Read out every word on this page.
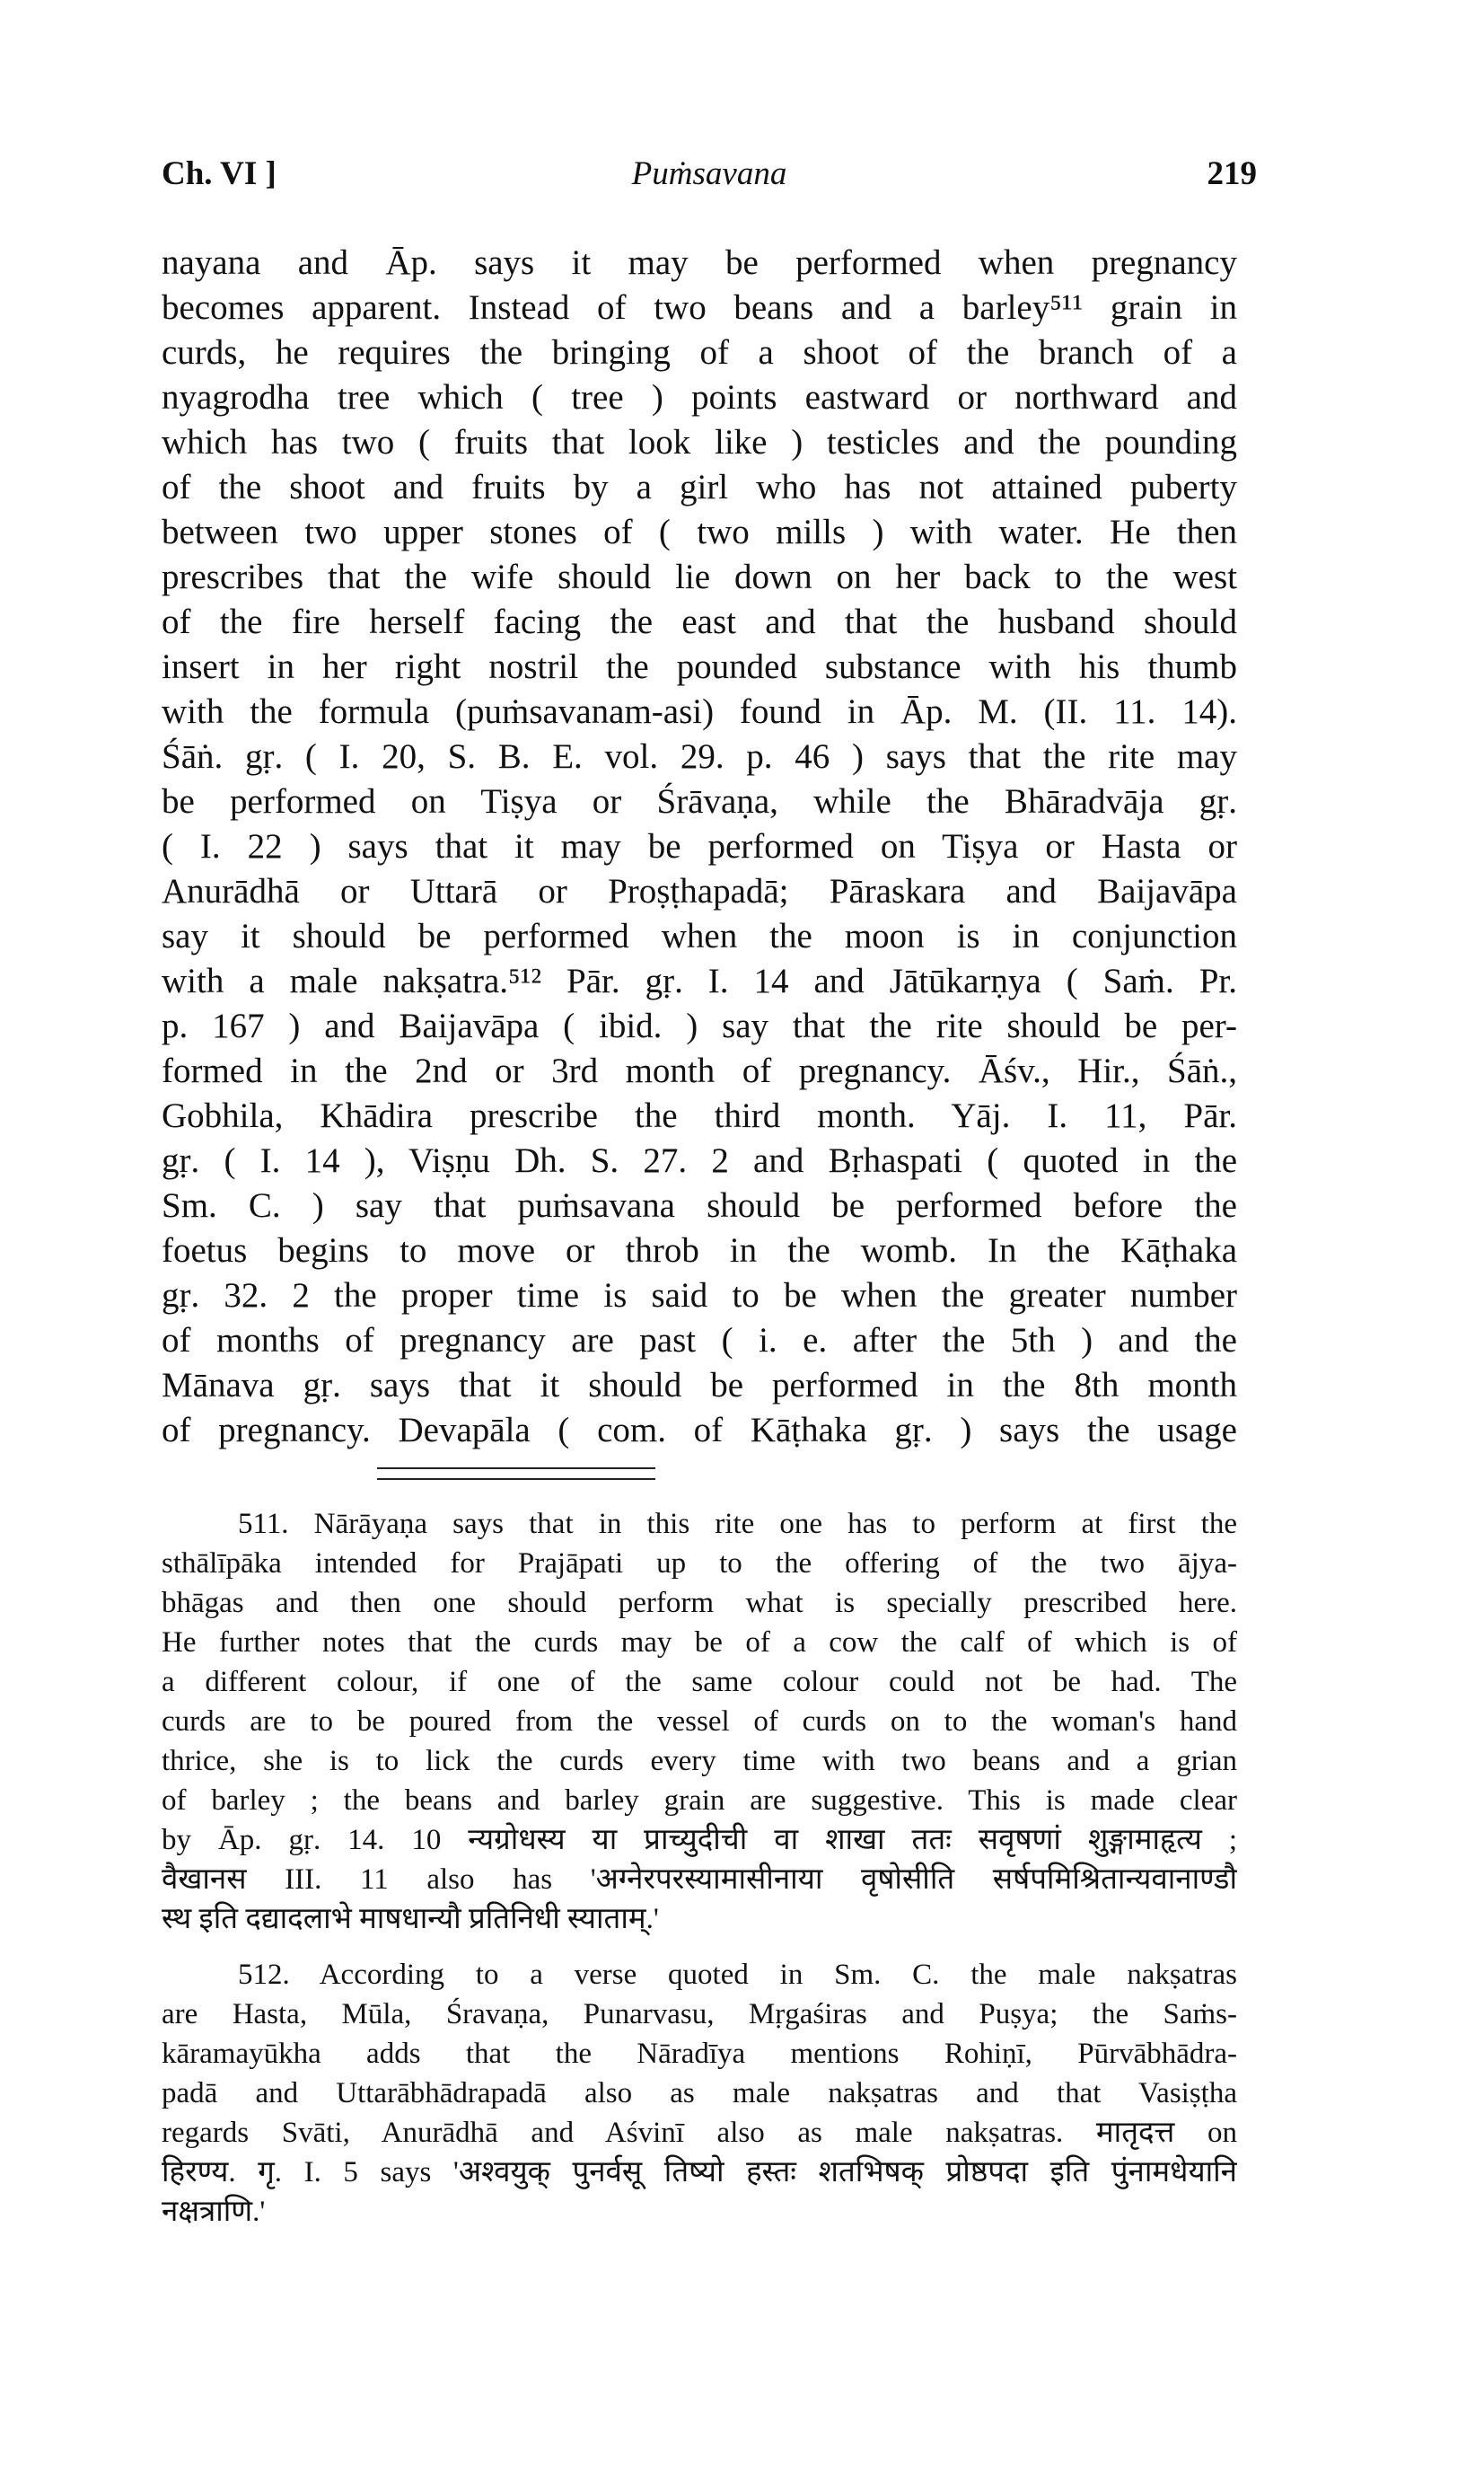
Ch. VI ]	Puṁsavana	219
nayana and Āp. says it may be performed when pregnancy
becomes apparent. Instead of two beans and a barley⁵¹¹ grain in
curds, he requires the bringing of a shoot of the branch of a
nyagrodha tree which ( tree ) points eastward or northward and
which has two ( fruits that look like ) testicles and the pounding
of the shoot and fruits by a girl who has not attained puberty
between two upper stones of ( two mills ) with water. He then
prescribes that the wife should lie down on her back to the west
of the fire herself facing the east and that the husband should
insert in her right nostril the pounded substance with his thumb
with the formula (puṁsavanam-asi) found in Āp. M. (II. 11. 14).
Śāṅ. gṛ. ( I. 20, S. B. E. vol. 29. p. 46 ) says that the rite may
be performed on Tiṣya or Śrāvaṇa, while the Bhāradvāja gṛ.
( I. 22 ) says that it may be performed on Tiṣya or Hasta or
Anurādhā or Uttarā or Proṣṭhapadā; Pāraskara and Baijavāpa
say it should be performed when the moon is in conjunction
with a male nakṣatra.⁵¹² Pār. gṛ. I. 14 and Jātūkarṇya ( Saṁ. Pr.
p. 167 ) and Baijavāpa ( ibid. ) say that the rite should be per-
formed in the 2nd or 3rd month of pregnancy. Āśv., Hir., Śāṅ.,
Gobhila, Khādira prescribe the third month. Yāj. I. 11, Pār.
gṛ. ( I. 14 ), Viṣṇu Dh. S. 27. 2 and Bṛhaspati ( quoted in the
Sm. C. ) say that puṁsavana should be performed before the
foetus begins to move or throb in the womb. In the Kāṭhaka
gṛ. 32. 2 the proper time is said to be when the greater number
of months of pregnancy are past ( i. e. after the 5th ) and the
Mānava gṛ. says that it should be performed in the 8th month
of pregnancy. Devapāla ( com. of Kāṭhaka gṛ. ) says the usage
511. Nārāyaṇa says that in this rite one has to perform at first the
sthālīpāka intended for Prajāpati up to the offering of the two ājya-
bhāgas and then one should perform what is specially prescribed here.
He further notes that the curds may be of a cow the calf of which is of
a different colour, if one of the same colour could not be had. The
curds are to be poured from the vessel of curds on to the woman's hand
thrice, she is to lick the curds every time with two beans and a grian
of barley ; the beans and barley grain are suggestive. This is made clear
by Āp. gṛ. 14. 10 न्यग्रोधस्य या प्राच्युदीची वा शाखा ततः सवृषणां शुङ्गामाहृत्य ;
वैखानस III. 11 also has 'अग्नेरपरस्यामासीनाया वृषोसीति सर्षपमिश्रितान्यवानाण्डौ
स्थ इति दद्यादलाभे माषधान्यौ प्रतिनिधी स्याताम्.'
512. According to a verse quoted in Sm. C. the male nakṣatras
are Hasta, Mūla, Śravaṇa, Punarvasu, Mṛgaśiras and Puṣya; the Saṁs-
kāramayūkha adds that the Nāradīya mentions Rohiṇī, Pūrvābhādra-
padā and Uttarābhādrapadā also as male nakṣatras and that Vasiṣṭha
regards Svāti, Anurādhā and Aśvinī also as male nakṣatras. मातृदत्त on
हिरण्य. गृ. I. 5 says 'अश्वयुक् पुनर्वसू तिष्यो हस्तः शतभिषक् प्रोष्ठपदा इति पुंनामधेयानि
नक्षत्राणि.'
